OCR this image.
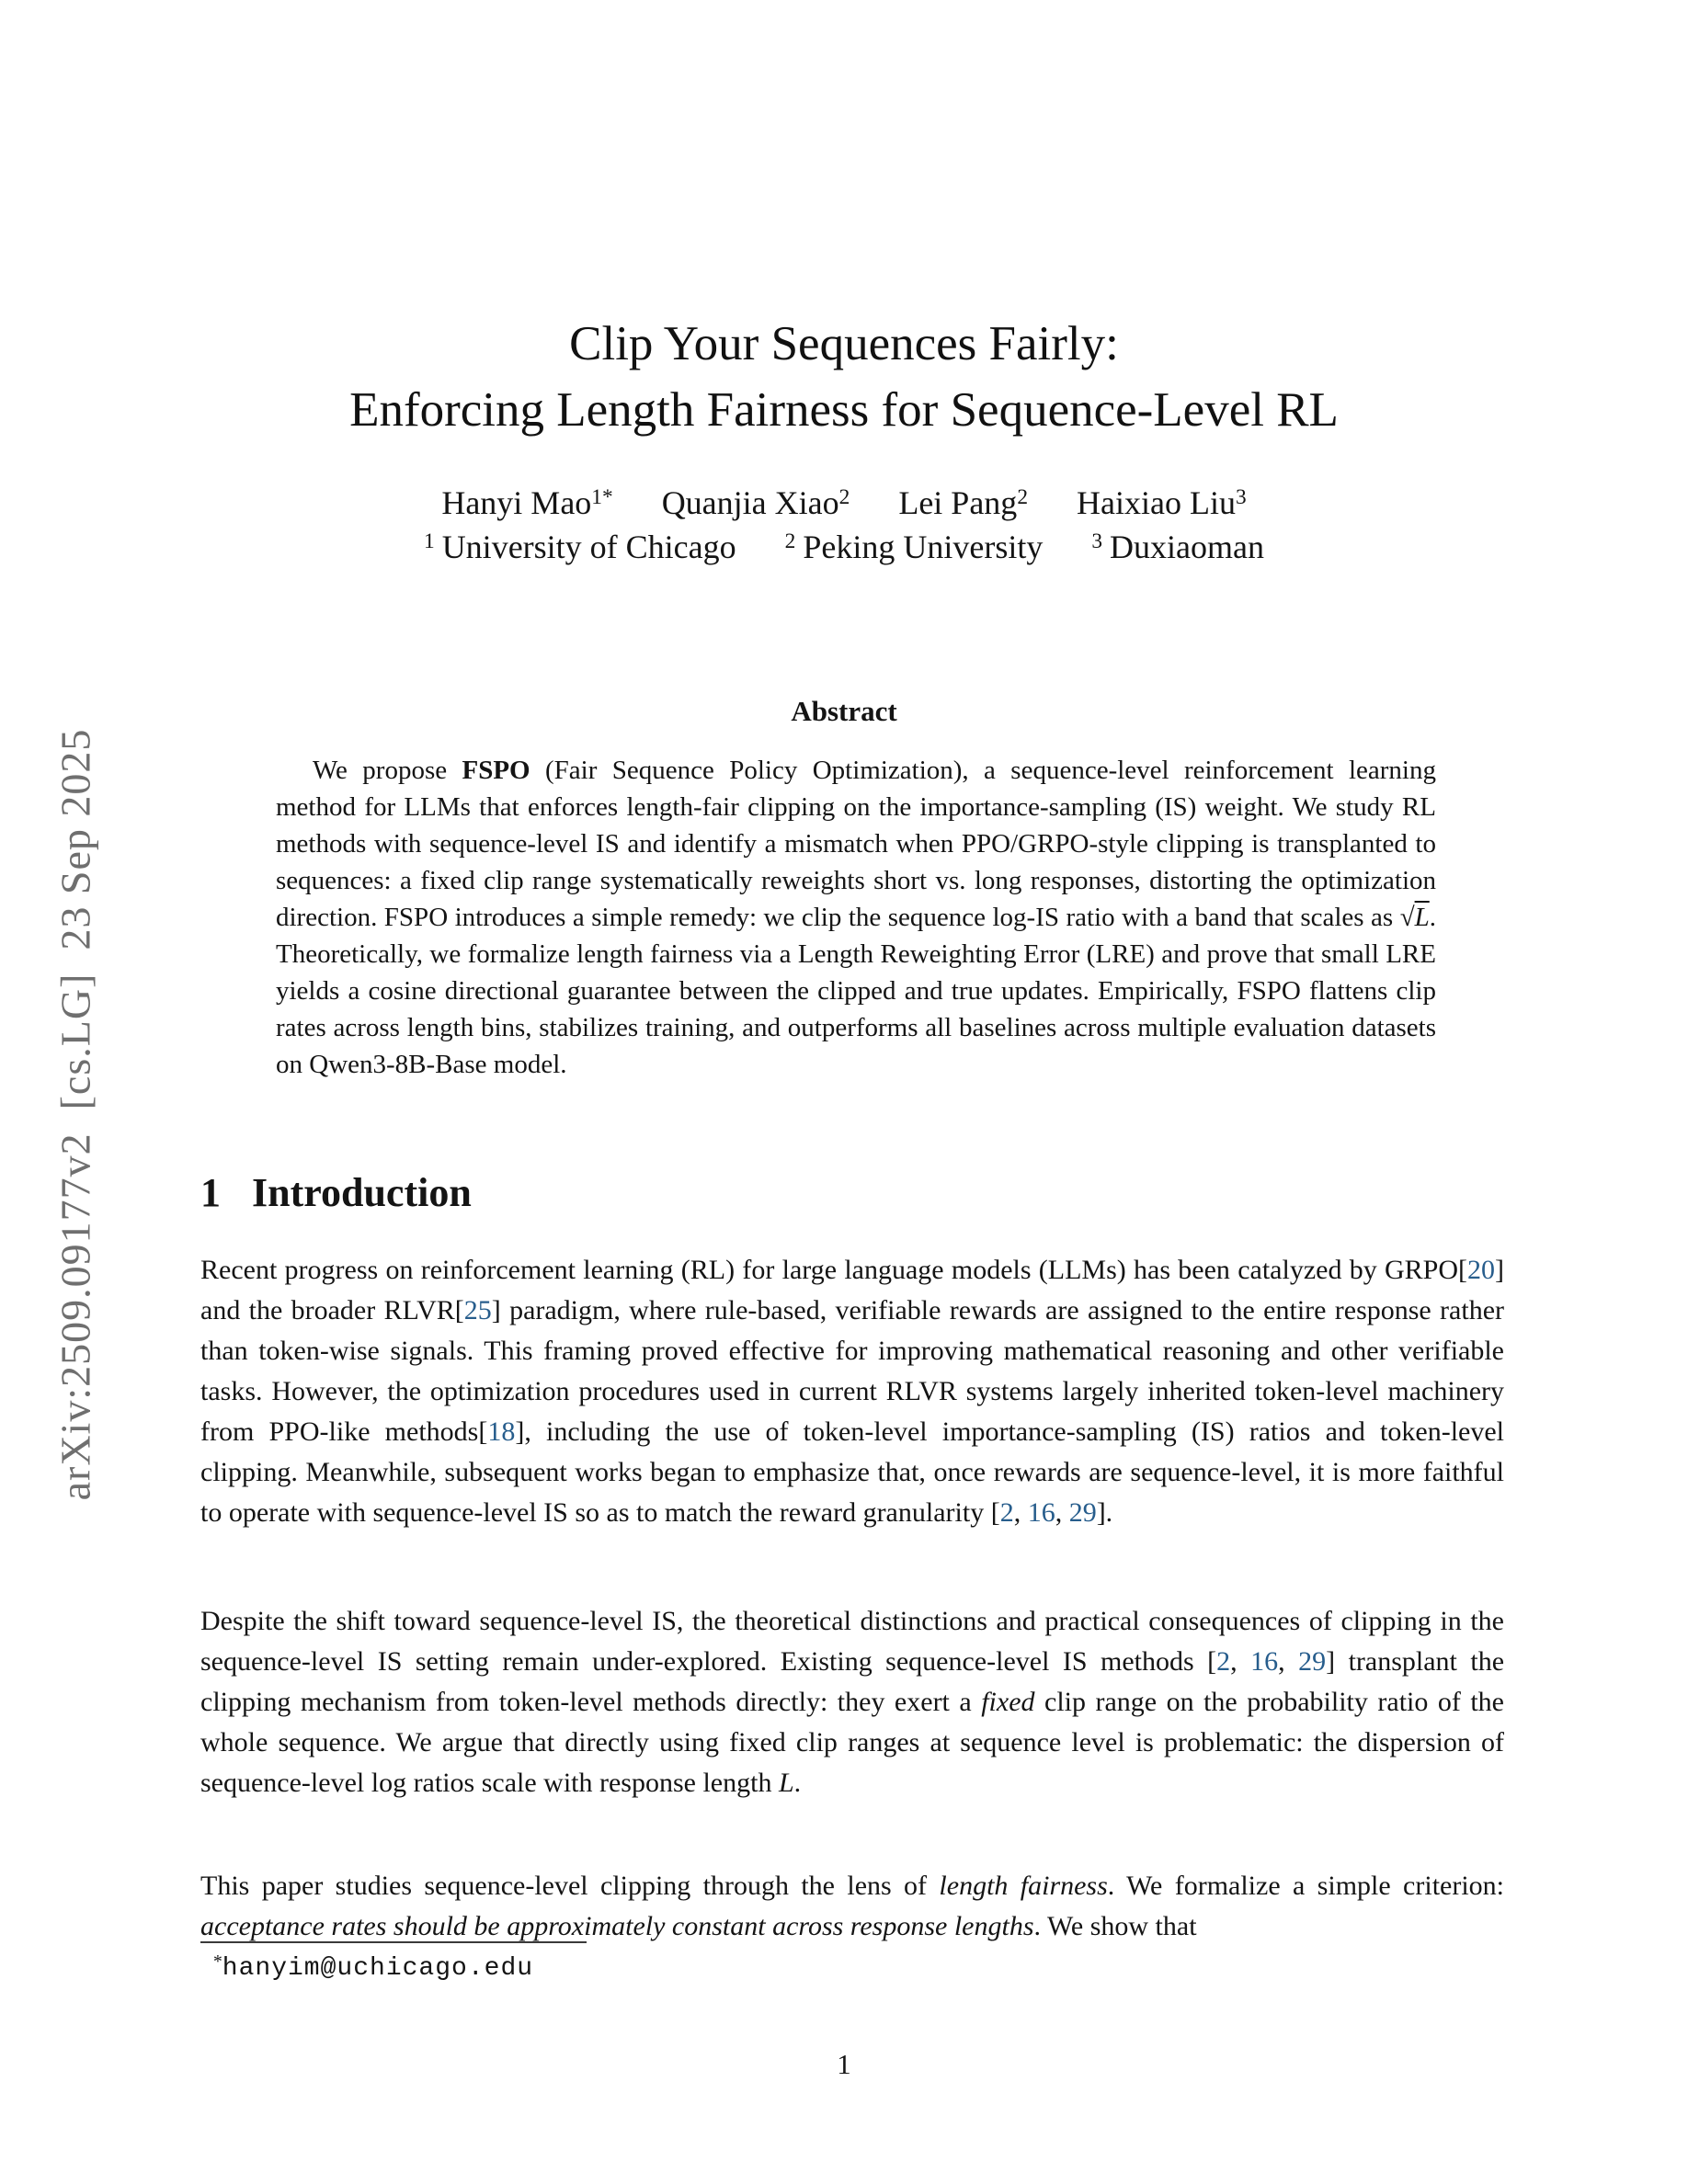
arXiv:2509.09177v2  [cs.LG]  23 Sep 2025
Clip Your Sequences Fairly:
Enforcing Length Fairness for Sequence-Level RL
Hanyi Mao1* Quanjia Xiao2 Lei Pang2 Haixiao Liu3
1 University of Chicago 2 Peking University 3 Duxiaoman
Abstract
We propose FSPO (Fair Sequence Policy Optimization), a sequence-level reinforcement learning method for LLMs that enforces length-fair clipping on the importance-sampling (IS) weight. We study RL methods with sequence-level IS and identify a mismatch when PPO/GRPO-style clipping is transplanted to sequences: a fixed clip range systematically reweights short vs. long responses, distorting the optimization direction. FSPO introduces a simple remedy: we clip the sequence log-IS ratio with a band that scales as √L. Theoretically, we formalize length fairness via a Length Reweighting Error (LRE) and prove that small LRE yields a cosine directional guarantee between the clipped and true updates. Empirically, FSPO flattens clip rates across length bins, stabilizes training, and outperforms all baselines across multiple evaluation datasets on Qwen3-8B-Base model.
1 Introduction
Recent progress on reinforcement learning (RL) for large language models (LLMs) has been catalyzed by GRPO[20] and the broader RLVR[25] paradigm, where rule-based, verifiable rewards are assigned to the entire response rather than token-wise signals. This framing proved effective for improving mathematical reasoning and other verifiable tasks. However, the optimization procedures used in current RLVR systems largely inherited token-level machinery from PPO-like methods[18], including the use of token-level importance-sampling (IS) ratios and token-level clipping. Meanwhile, subsequent works began to emphasize that, once rewards are sequence-level, it is more faithful to operate with sequence-level IS so as to match the reward granularity [2, 16, 29].
Despite the shift toward sequence-level IS, the theoretical distinctions and practical consequences of clipping in the sequence-level IS setting remain under-explored. Existing sequence-level IS methods [2, 16, 29] transplant the clipping mechanism from token-level methods directly: they exert a fixed clip range on the probability ratio of the whole sequence. We argue that directly using fixed clip ranges at sequence level is problematic: the dispersion of sequence-level log ratios scale with response length L.
This paper studies sequence-level clipping through the lens of length fairness. We formalize a simple criterion: acceptance rates should be approximately constant across response lengths. We show that
*hanyim@uchicago.edu
1
